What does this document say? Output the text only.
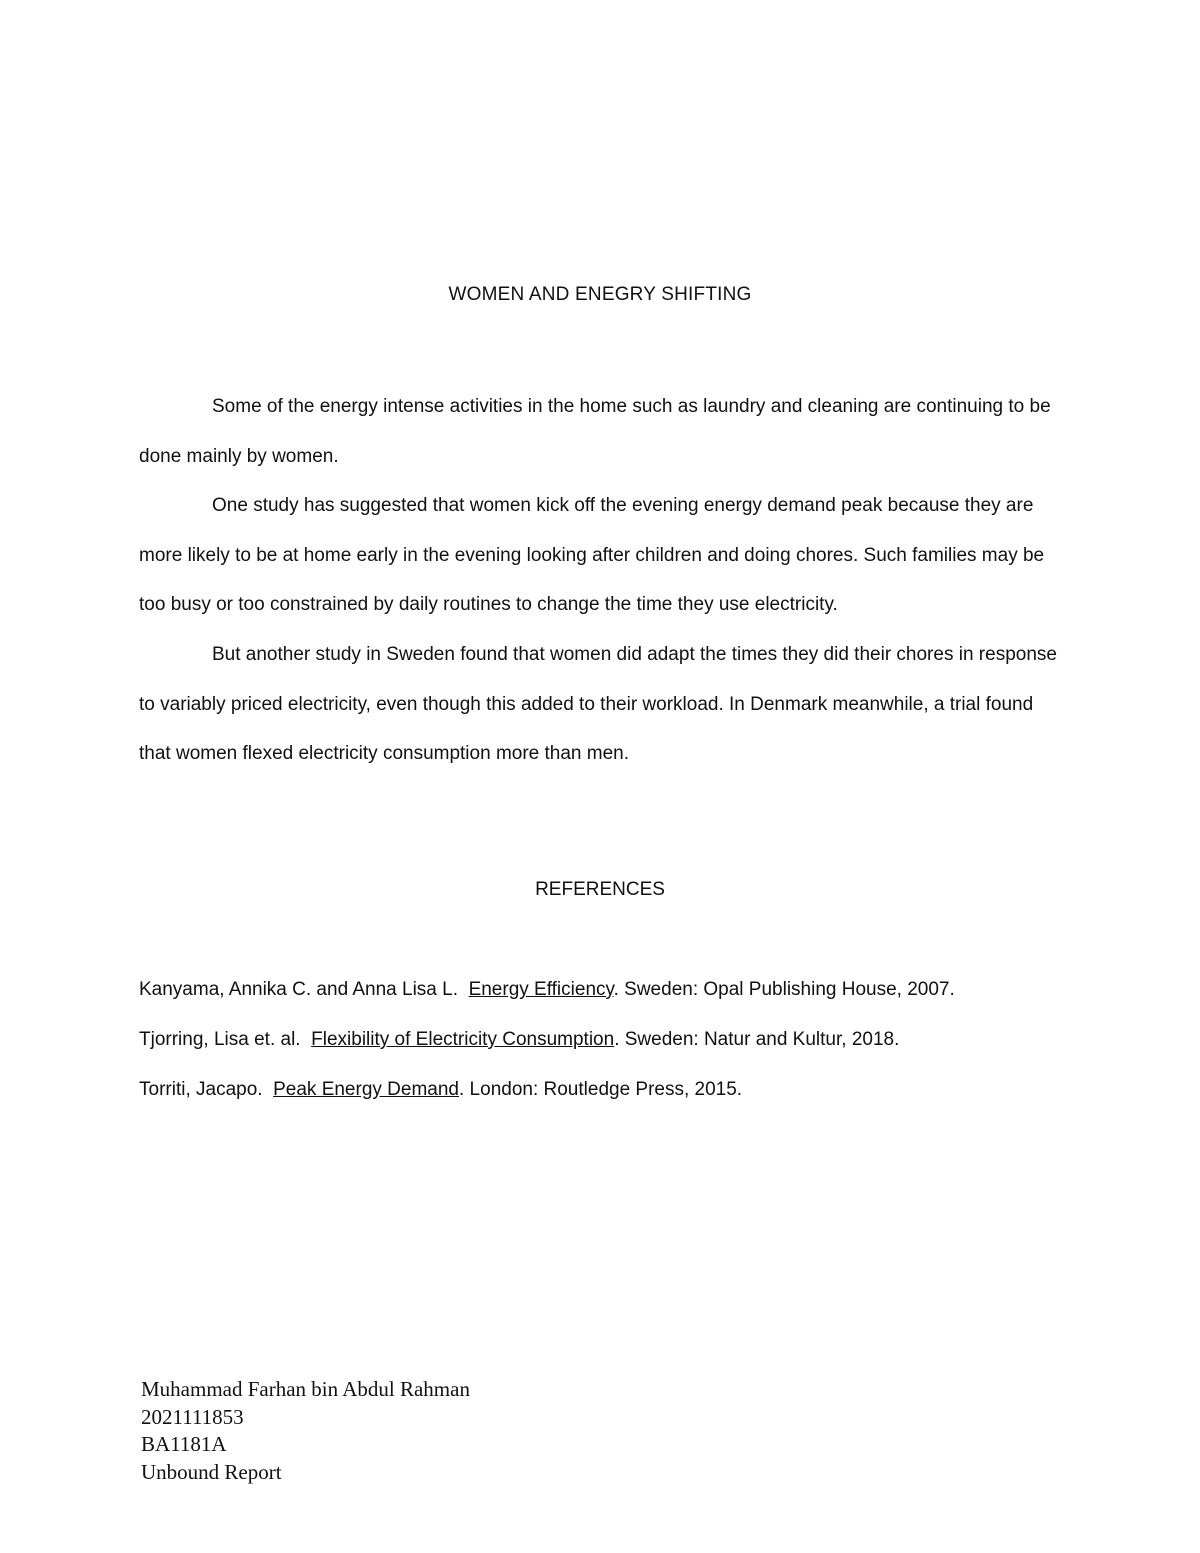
WOMEN AND ENEGRY SHIFTING

Some of the energy intense activities in the home such as laundry and cleaning are continuing to be done mainly by women.

One study has suggested that women kick off the evening energy demand peak because they are more likely to be at home early in the evening looking after children and doing chores. Such families may be too busy or too constrained by daily routines to change the time they use electricity.

But another study in Sweden found that women did adapt the times they did their chores in response to variably priced electricity, even though this added to their workload. In Denmark meanwhile, a trial found that women flexed electricity consumption more than men.

REFERENCES

Kanyama, Annika C. and Anna Lisa L. Energy Efficiency. Sweden: Opal Publishing House, 2007.

Tjorring, Lisa et. al. Flexibility of Electricity Consumption. Sweden: Natur and Kultur, 2018.

Torriti, Jacapo. Peak Energy Demand. London: Routledge Press, 2015.

Muhammad Farhan bin Abdul Rahman
2021111853
BA1181A
Unbound Report
